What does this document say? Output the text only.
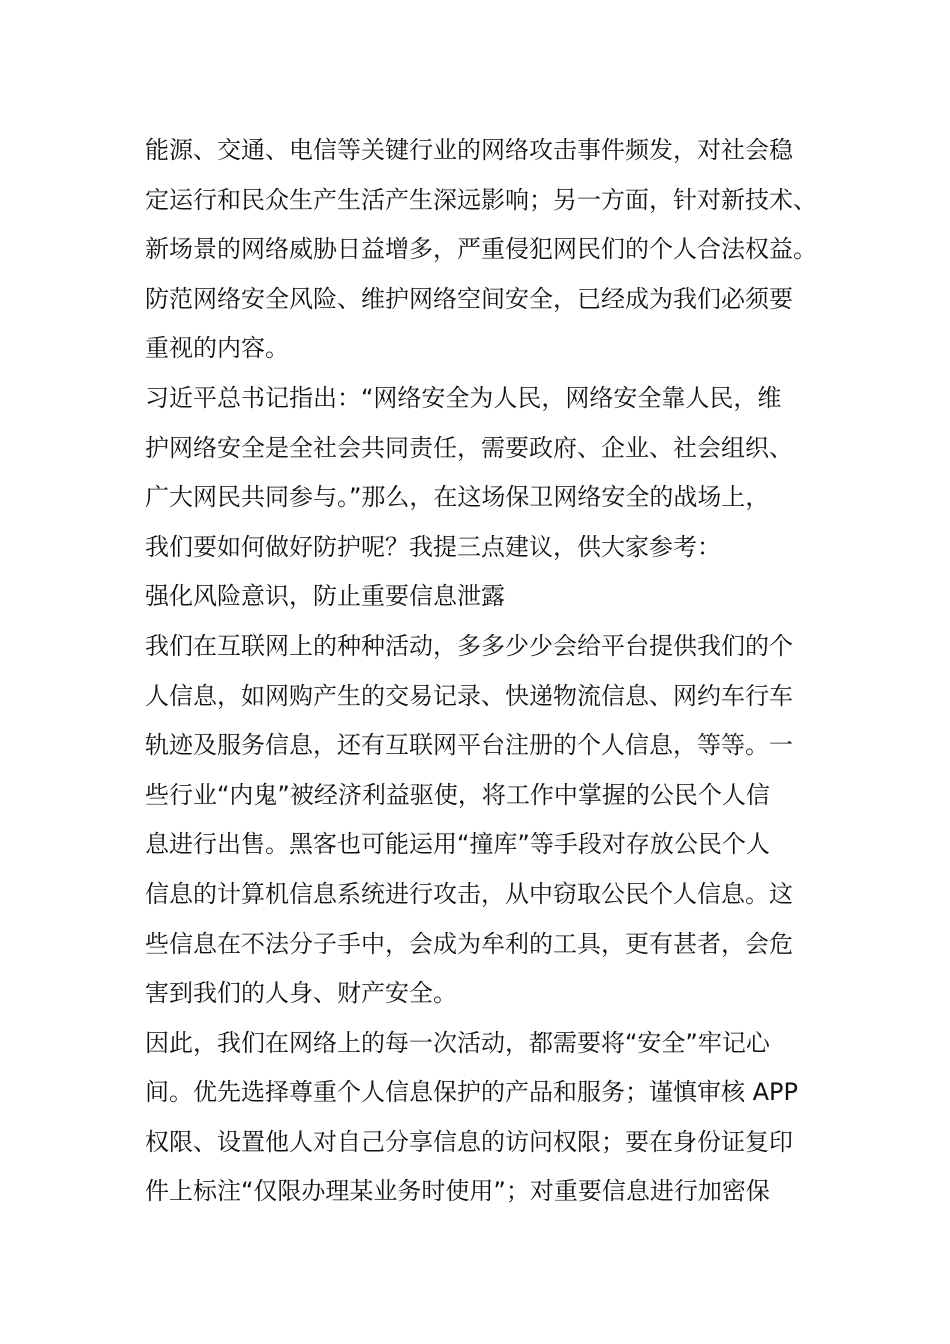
能源、交通、电信等关键行业的网络攻击事件频发，对社会稳
定运行和民众生产生活产生深远影响；另一方面，针对新技术、
新场景的网络威胁日益增多，严重侵犯网民们的个人合法权益。
防范网络安全风险、维护网络空间安全，已经成为我们必须要
重视的内容。
习近平总书记指出：“网络安全为人民，网络安全靠人民，维
护网络安全是全社会共同责任，需要政府、企业、社会组织、
广大网民共同参与。”那么，在这场保卫网络安全的战场上，
我们要如何做好防护呢？我提三点建议，供大家参考：
强化风险意识，防止重要信息泄露
我们在互联网上的种种活动，多多少少会给平台提供我们的个
人信息，如网购产生的交易记录、快递物流信息、网约车行车
轨迹及服务信息，还有互联网平台注册的个人信息，等等。一
些行业“内鬼”被经济利益驱使，将工作中掌握的公民个人信
息进行出售。黑客也可能运用“撞库”等手段对存放公民个人
信息的计算机信息系统进行攻击，从中窃取公民个人信息。这
些信息在不法分子手中，会成为牟利的工具，更有甚者，会危
害到我们的人身、财产安全。
因此，我们在网络上的每一次活动，都需要将“安全”牢记心
间。优先选择尊重个人信息保护的产品和服务；谨慎审核 APP
权限、设置他人对自己分享信息的访问权限；要在身份证复印
件上标注“仅限办理某业务时使用”；对重要信息进行加密保
